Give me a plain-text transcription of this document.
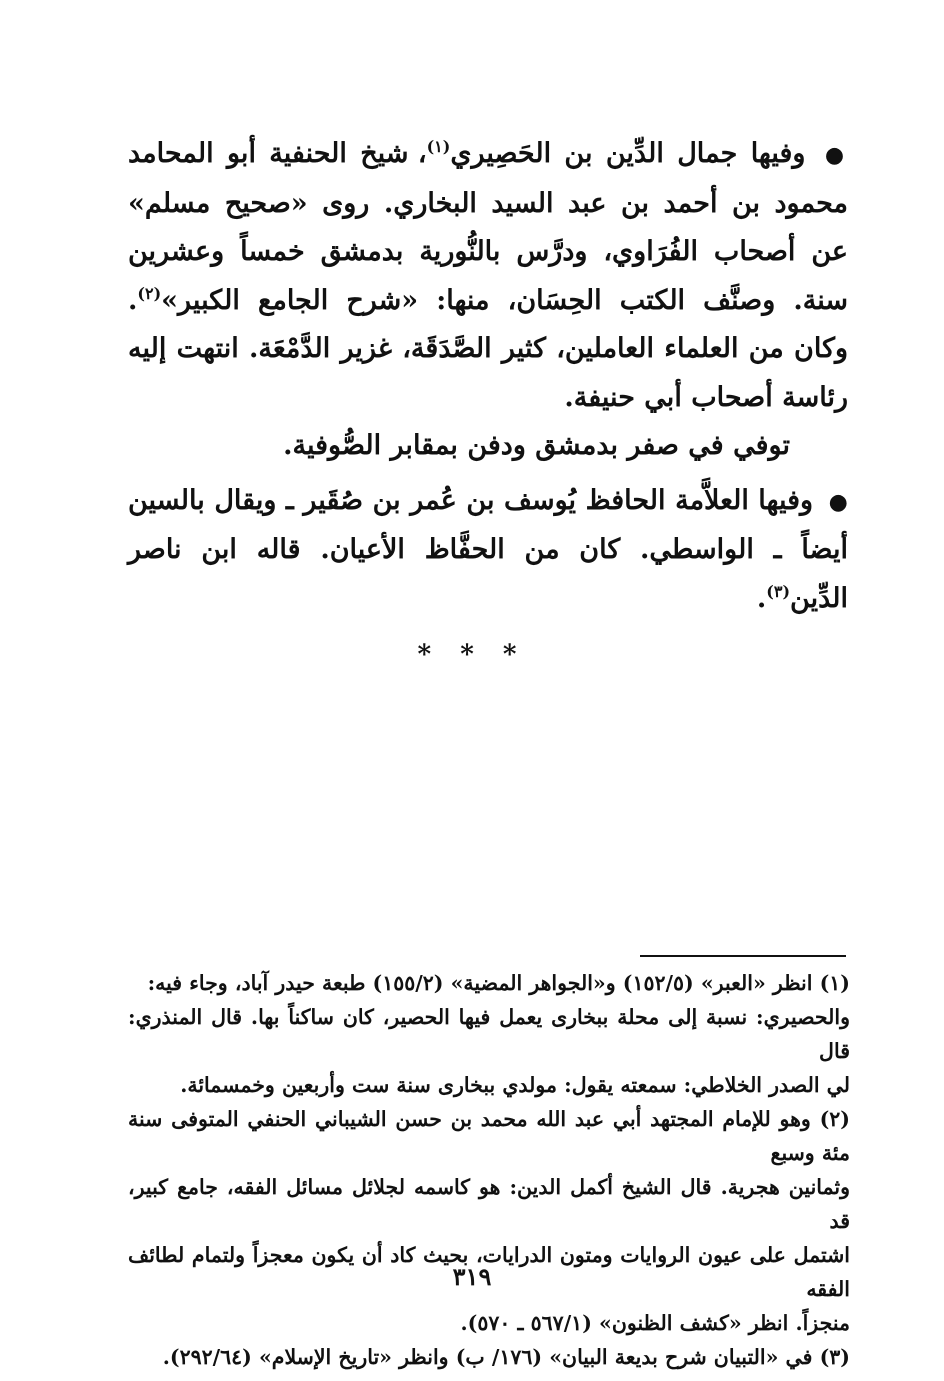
● وفيها جمال الدِّين بن الحَصِيري$^{(١)}$، شيخ الحنفية أبو المحامد محمود بن أحمد بن عبد السيد البخاري. روى «صحيح مسلم» عن أصحاب الفُرَاوي، ودرَّس بالنُّورية بدمشق خمساً وعشرين سنة. وصنَّف الكتب الحِسَان، منها: «شرح الجامع الكبير»$^{(٢)}$. وكان من العلماء العاملين، كثير الصَّدَقَة، غزير الدَّمْعَة. انتهت إليه رئاسة أصحاب أبي حنيفة.

توفي في صفر بدمشق ودفن بمقابر الصُّوفية.

● وفيها العلاَّمة الحافظ يُوسف بن عُمر بن صُقَير ـ ويقال بالسين أيضاً ـ الواسطي. كان من الحفَّاظ الأعيان. قاله ابن ناصر الدِّين$^{(٣)}$.

* * *

(١) انظر «العبر» (١٥٢/٥) و«الجواهر المضية» (١٥٥/٢) طبعة حيدر آباد، وجاء فيه:

والحصيري: نسبة إلى محلة ببخارى يعمل فيها الحصير، كان ساكناً بها. قال المنذري: قال

لي الصدر الخلاطي: سمعته يقول: مولدي ببخارى سنة ست وأربعين وخمسمائة.

(٢) وهو للإمام المجتهد أبي عبد الله محمد بن حسن الشيباني الحنفي المتوفى سنة مئة وسبع

وثمانين هجرية. قال الشيخ أكمل الدين: هو كاسمه لجلائل مسائل الفقه، جامع كبير، قد

اشتمل على عيون الروايات ومتون الدرايات، بحيث كاد أن يكون معجزاً ولتمام لطائف الفقه

منجزاً. انظر «كشف الظنون» (٥٦٧/١ ـ ٥٧٠).

(٣) في «التبيان شرح بديعة البيان» (١٧٦/ ب) وانظر «تاريخ الإسلام» (٢٩٢/٦٤).

٣١٩
